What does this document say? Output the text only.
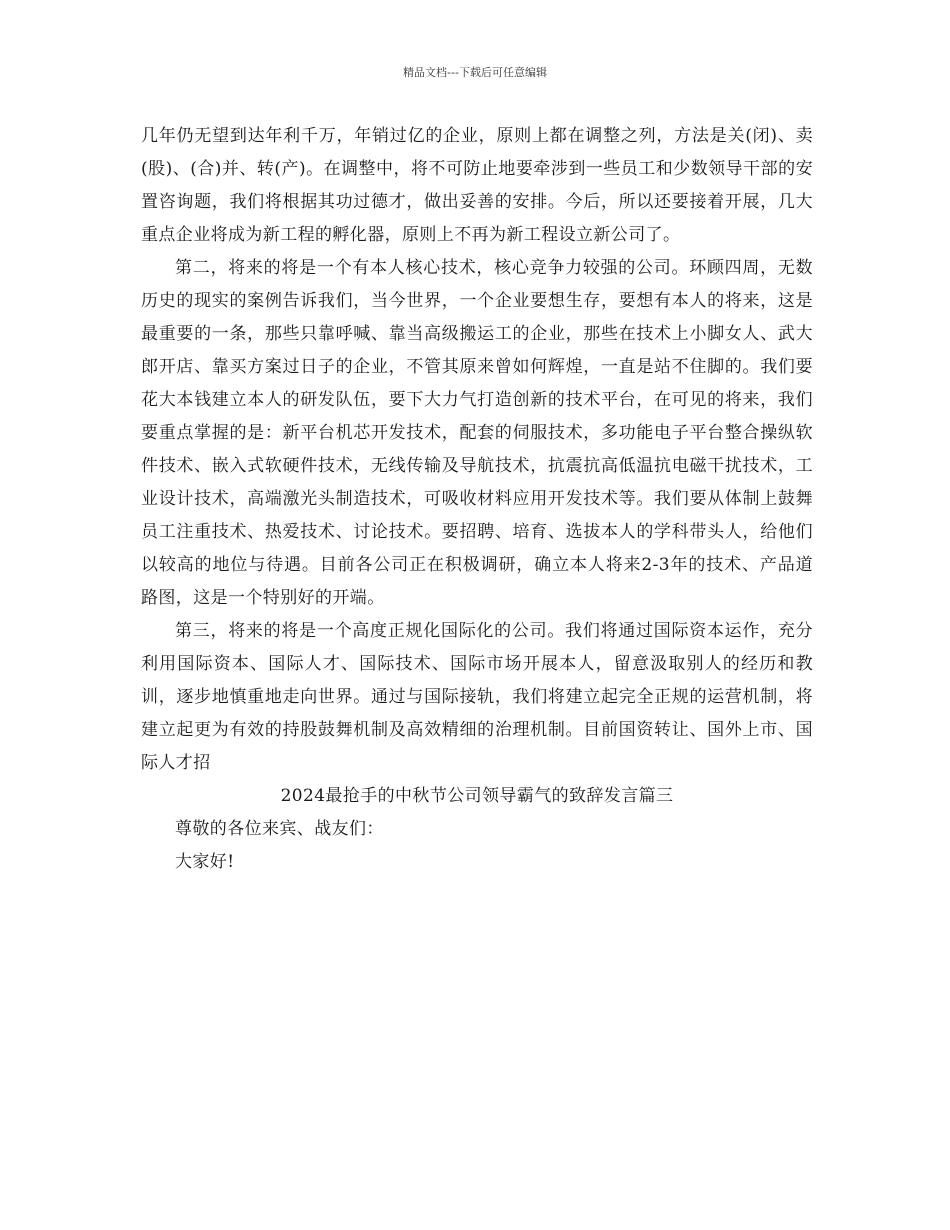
精品文档---下载后可任意编辑

几年仍无望到达年利千万，年销过亿的企业，原则上都在调整之列，方法是关(闭)、卖(股)、(合)并、转(产)。在调整中，将不可防止地要牵涉到一些员工和少数领导干部的安置咨询题，我们将根据其功过德才，做出妥善的安排。今后，所以还要接着开展，几大重点企业将成为新工程的孵化器，原则上不再为新工程设立新公司了。

第二，将来的将是一个有本人核心技术，核心竞争力较强的公司。环顾四周，无数历史的现实的案例告诉我们，当今世界，一个企业要想生存，要想有本人的将来，这是最重要的一条，那些只靠呼喊、靠当高级搬运工的企业，那些在技术上小脚女人、武大郎开店、靠买方案过日子的企业，不管其原来曾如何辉煌，一直是站不住脚的。我们要花大本钱建立本人的研发队伍，要下大力气打造创新的技术平台，在可见的将来，我们要重点掌握的是：新平台机芯开发技术，配套的伺服技术，多功能电子平台整合操纵软件技术、嵌入式软硬件技术，无线传输及导航技术，抗震抗高低温抗电磁干扰技术，工业设计技术，高端激光头制造技术，可吸收材料应用开发技术等。我们要从体制上鼓舞员工注重技术、热爱技术、讨论技术。要招聘、培育、选拔本人的学科带头人，给他们以较高的地位与待遇。目前各公司正在积极调研，确立本人将来2-3年的技术、产品道路图，这是一个特别好的开端。

第三，将来的将是一个高度正规化国际化的公司。我们将通过国际资本运作，充分利用国际资本、国际人才、国际技术、国际市场开展本人，留意汲取别人的经历和教训，逐步地慎重地走向世界。通过与国际接轨，我们将建立起完全正规的运营机制，将建立起更为有效的持股鼓舞机制及高效精细的治理机制。目前国资转让、国外上市、国际人才招

2024最抢手的中秋节公司领导霸气的致辞发言篇三

尊敬的各位来宾、战友们：

大家好!
